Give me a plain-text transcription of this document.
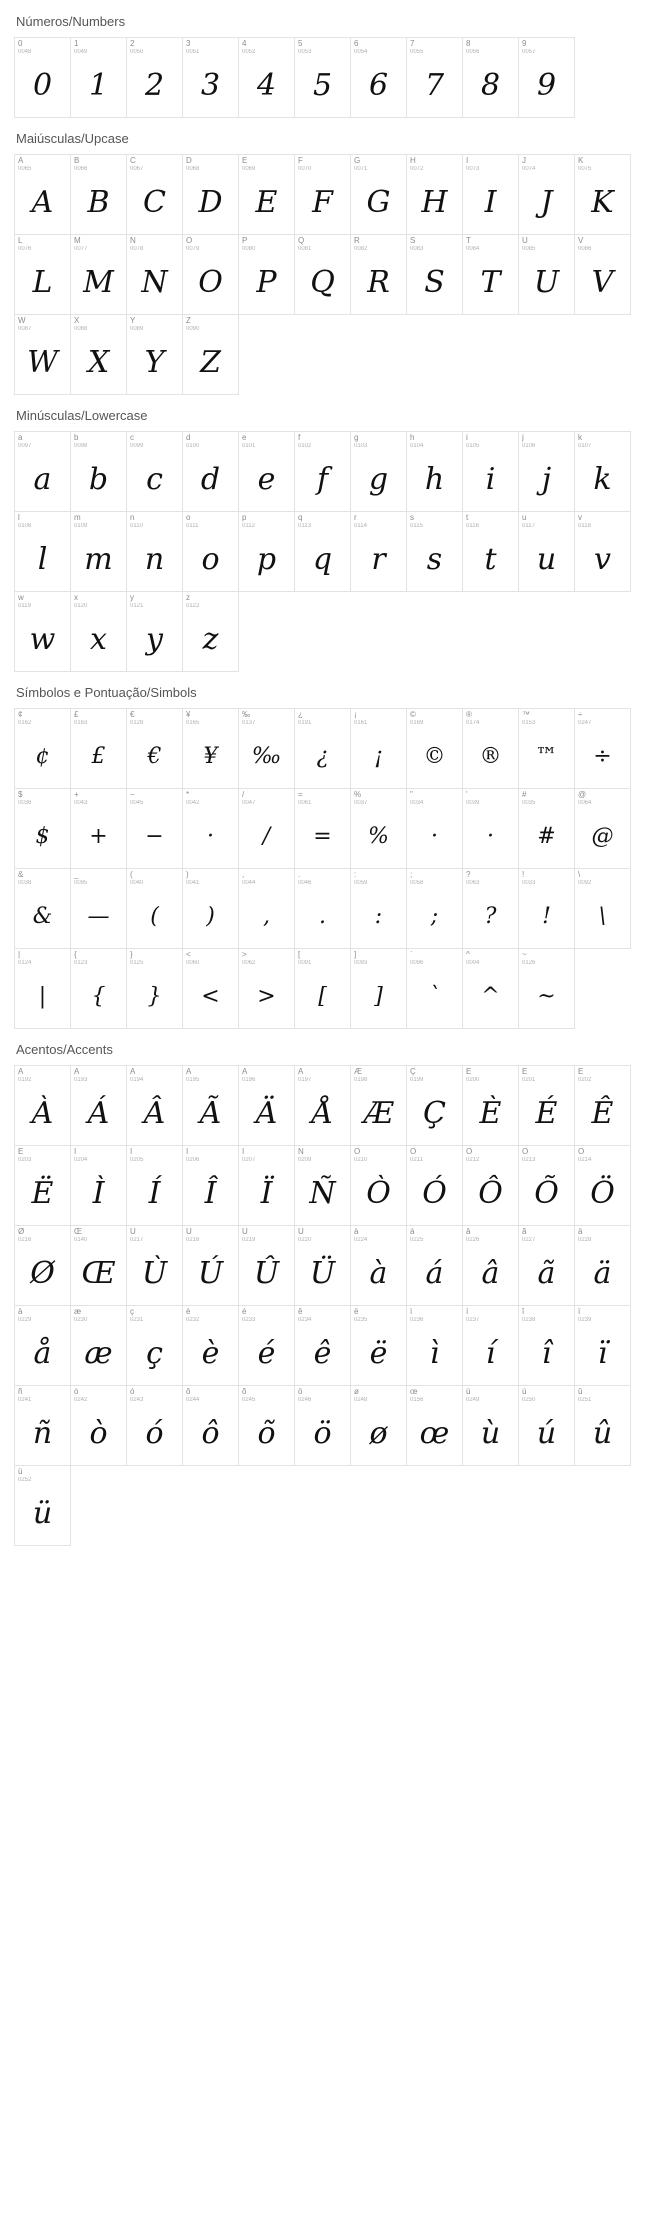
Números/Numbers
0
0048
0
1
0049
1
2
0050
2
3
0051
3
4
0052
4
5
0053
5
6
0054
6
7
0055
7
8
0056
8
9
0057
9
Maiúsculas/Upcase
A
0065
A
B
0066
B
C
0067
C
D
0068
D
E
0069
E
F
0070
F
G
0071
G
H
0072
H
I
0073
I
J
0074
J
K
0075
K
L
0076
L
M
0077
M
N
0078
N
O
0079
O
P
0080
P
Q
0081
Q
R
0082
R
S
0083
S
T
0084
T
U
0085
U
V
0086
V
W
0087
W
X
0088
X
Y
0089
Y
Z
0090
Z
Minúsculas/Lowercase
a
0097
a
b
0098
b
c
0099
c
d
0100
d
e
0101
e
f
0102
f
g
0103
g
h
0104
h
i
0105
i
j
0106
j
k
0107
k
l
0108
l
m
0109
m
n
0110
n
o
0111
o
p
0112
p
q
0113
q
r
0114
r
s
0115
s
t
0116
t
u
0117
u
v
0118
v
w
0119
w
x
0120
x
y
0121
y
z
0122
z
Símbolos e Pontuação/Simbols
¢
0162
¢
£
0163
£
€
0128
€
¥
0165
¥
‰
0137
‰
¿
0191
¿
¡
0161
¡
©
0169
©
®
0174
®
™
0153
™
÷
0247
÷
$
0036
$
+
0043
+
−
0045
−
*
0042
·
/
0047
/
=
0061
=
%
0037
%
"
0034
·
'
0039
·
#
0035
#
@
0064
@
&
0038
&
_
0095
—
(
0040
(
)
0041
)
,
0044
,
.
0046
.
:
0059
:
;
0058
;
?
0063
?
!
0033
!
\
0092
\
|
0124
|
{
0123
{
}
0125
}
<
0060
<
>
0062
>
[
0091
[
]
0093
]
`
0096
`
^
0004
^
~
0126
~
Acentos/Accents
À
0192
À
Á
0193
Á
Â
0194
Â
Ã
0195
Ã
Ä
0196
Ä
Å
0197
Å
Æ
0198
Æ
Ç
0199
Ç
È
0200
È
É
0201
É
Ê
0202
Ê
Ë
0203
Ë
Ì
0204
Ì
Í
0205
Í
Î
0206
Î
Ï
0207
Ï
Ñ
0209
Ñ
Ò
0210
Ò
Ó
0211
Ó
Ô
0212
Ô
Õ
0213
Õ
Ö
0214
Ö
Ø
0216
Ø
Œ
0140
Œ
Ù
0217
Ù
Ú
0218
Ú
Û
0219
Û
Ü
0220
Ü
à
0224
à
á
0225
á
â
0226
â
ã
0227
ã
ä
0228
ä
å
0229
å
æ
0230
æ
ç
0231
ç
è
0232
è
é
0233
é
ê
0234
ê
ë
0235
ë
ì
0236
ì
í
0237
í
î
0238
î
ï
0239
ï
ñ
0241
ñ
ò
0242
ò
ó
0243
ó
ô
0244
ô
õ
0245
õ
ö
0246
ö
ø
0248
ø
œ
0156
œ
ù
0249
ù
ú
0250
ú
û
0251
û
ü
0252
ü
